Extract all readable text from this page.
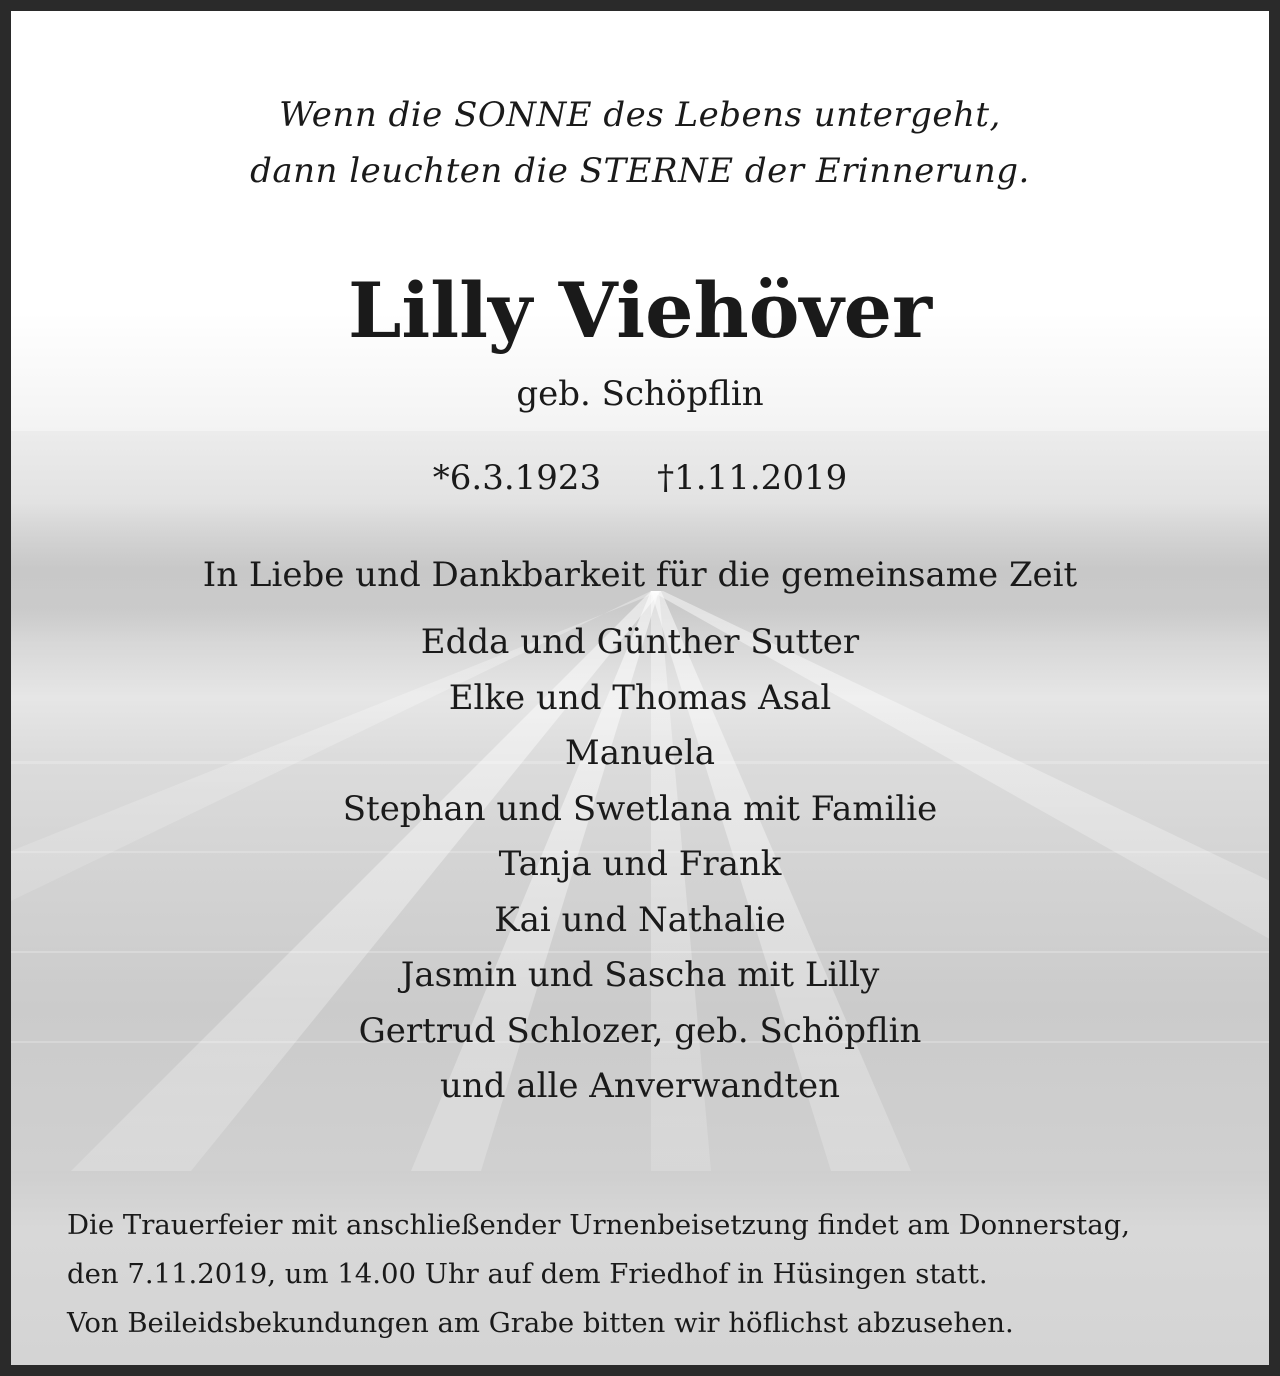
Wenn die SONNE des Lebens untergeht,
dann leuchten die STERNE der Erinnerung.
Lilly Viehöver
geb. Schöpflin
*6.3.1923 †1.11.2019
In Liebe und Dankbarkeit für die gemeinsame Zeit
Edda und Günther Sutter
Elke und Thomas Asal
Manuela
Stephan und Swetlana mit Familie
Tanja und Frank
Kai und Nathalie
Jasmin und Sascha mit Lilly
Gertrud Schlozer, geb. Schöpflin
und alle Anverwandten
Die Trauerfeier mit anschließender Urnenbeisetzung findet am Donnerstag,
den 7.11.2019, um 14.00 Uhr auf dem Friedhof in Hüsingen statt.
Von Beileidsbekundungen am Grabe bitten wir höflichst abzusehen.
